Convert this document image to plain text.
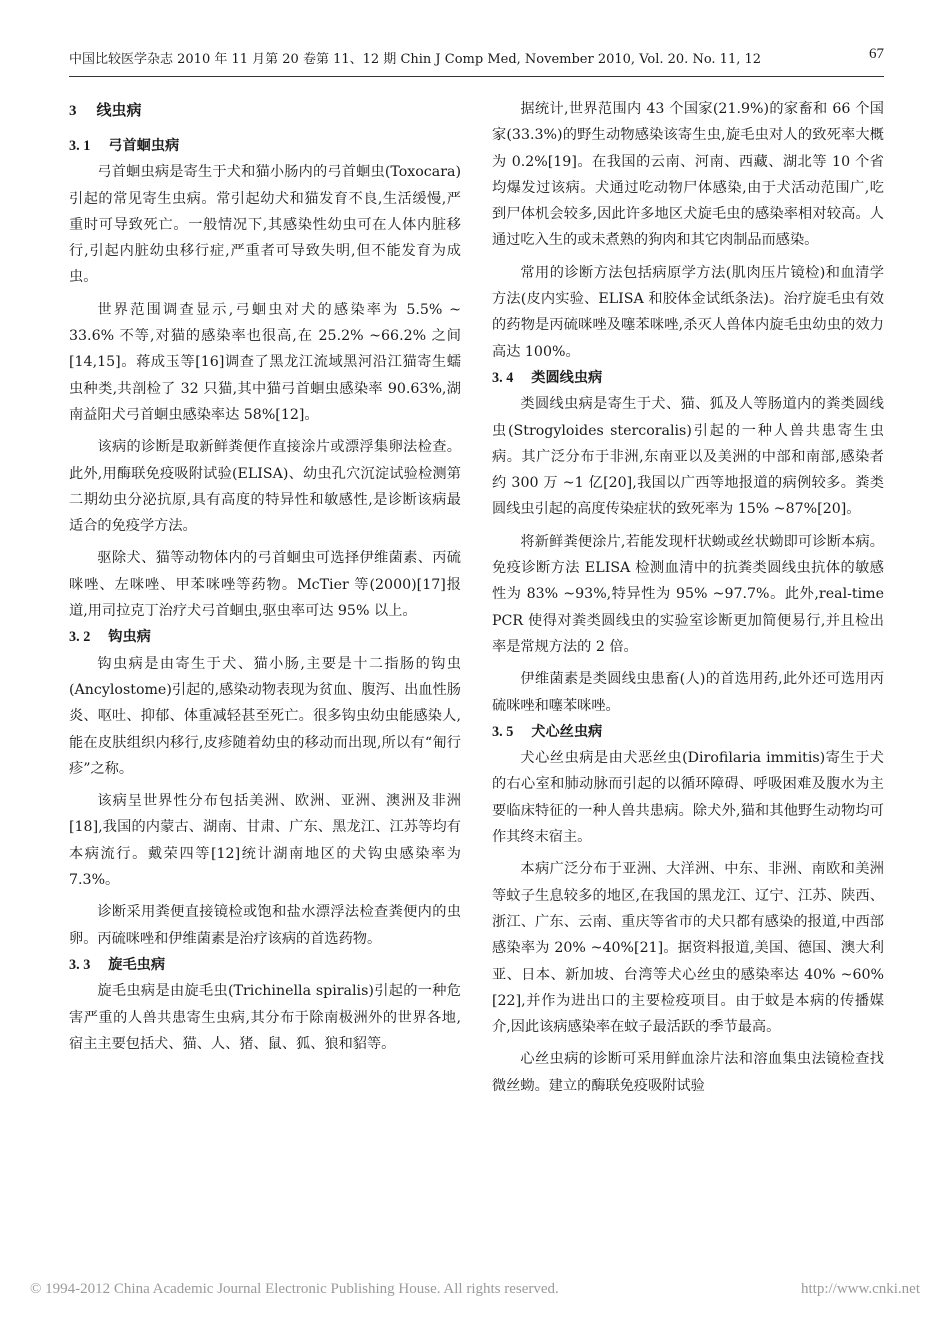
中国比较医学杂志 2010 年 11 月第 20 卷第 11、12 期 Chin J Comp Med, November 2010, Vol. 20. No. 11, 12	67
3 线虫病
3. 1 弓首蛔虫病

弓首蛔虫病是寄生于犬和猫小肠内的弓首蛔虫(Toxocara)引起的常见寄生虫病。常引起幼犬和猫发育不良,生活缓慢,严重时可导致死亡。一般情况下,其感染性幼虫可在人体内脏移行,引起内脏幼虫移行症,严重者可导致失明,但不能发育为成虫。

世界范围调查显示,弓蛔虫对犬的感染率为 5.5% ~ 33.6% 不等,对猫的感染率也很高,在 25.2% ~66.2% 之间[14,15]。蒋成玉等[16]调查了黑龙江流域黑河沿江猫寄生蠕虫种类,共剖检了 32 只猫,其中猫弓首蛔虫感染率 90.63%,湖南益阳犬弓首蛔虫感染率达 58%[12]。

该病的诊断是取新鲜粪便作直接涂片或漂浮集卵法检查。此外,用酶联免疫吸附试验(ELISA)、幼虫孔穴沉淀试验检测第二期幼虫分泌抗原,具有高度的特异性和敏感性,是诊断该病最适合的免疫学方法。

驱除犬、猫等动物体内的弓首蛔虫可选择伊维菌素、丙硫咪唑、左咪唑、甲苯咪唑等药物。McTier 等(2000)[17]报道,用司拉克丁治疗犬弓首蛔虫,驱虫率可达 95% 以上。

3. 2 钩虫病

钩虫病是由寄生于犬、猫小肠,主要是十二指肠的钩虫(Ancylostome)引起的,感染动物表现为贫血、腹泻、出血性肠炎、呕吐、抑郁、体重减轻甚至死亡。很多钩虫幼虫能感染人,能在皮肤组织内移行,皮疹随着幼虫的移动而出现,所以有“匍行疹”之称。

该病呈世界性分布包括美洲、欧洲、亚洲、澳洲及非洲[18],我国的内蒙古、湖南、甘肃、广东、黑龙江、江苏等均有本病流行。戴荣四等[12]统计湖南地区的犬钩虫感染率为 7.3%。

诊断采用粪便直接镜检或饱和盐水漂浮法检查粪便内的虫卵。丙硫咪唑和伊维菌素是治疗该病的首选药物。

3. 3 旋毛虫病

旋毛虫病是由旋毛虫(Trichinella spiralis)引起的一种危害严重的人兽共患寄生虫病,其分布于除南极洲外的世界各地,宿主主要包括犬、猫、人、猪、鼠、狐、狼和貂等。

据统计,世界范围内 43 个国家(21.9%)的家畜和 66 个国家(33.3%)的野生动物感染该寄生虫,旋毛虫对人的致死率大概为 0.2%[19]。在我国的云南、河南、西藏、湖北等 10 个省均爆发过该病。犬通过吃动物尸体感染,由于犬活动范围广,吃到尸体机会较多,因此许多地区犬旋毛虫的感染率相对较高。人通过吃入生的或未煮熟的狗肉和其它肉制品而感染。

常用的诊断方法包括病原学方法(肌肉压片镜检)和血清学方法(皮内实验、ELISA 和胶体金试纸条法)。治疗旋毛虫有效的药物是丙硫咪唑及噻苯咪唑,杀灭人兽体内旋毛虫幼虫的效力高达 100%。

3. 4 类圆线虫病

类圆线虫病是寄生于犬、猫、狐及人等肠道内的粪类圆线虫(Strogyloides stercoralis)引起的一种人兽共患寄生虫病。其广泛分布于非洲,东南亚以及美洲的中部和南部,感染者约 300 万 ~1 亿[20],我国以广西等地报道的病例较多。粪类圆线虫引起的高度传染症状的致死率为 15% ~87%[20]。

将新鲜粪便涂片,若能发现杆状蚴或丝状蚴即可诊断本病。免疫诊断方法 ELISA 检测血清中的抗粪类圆线虫抗体的敏感性为 83% ~93%,特异性为 95% ~97.7%。此外,real-time PCR 使得对粪类圆线虫的实验室诊断更加简便易行,并且检出率是常规方法的 2 倍。

伊维菌素是类圆线虫患畜(人)的首选用药,此外还可选用丙硫咪唑和噻苯咪唑。

3. 5 犬心丝虫病

犬心丝虫病是由犬恶丝虫(Dirofilaria immitis)寄生于犬的右心室和肺动脉而引起的以循环障碍、呼吸困难及腹水为主要临床特征的一种人兽共患病。除犬外,猫和其他野生动物均可作其终末宿主。

本病广泛分布于亚洲、大洋洲、中东、非洲、南欧和美洲等蚊子生息较多的地区,在我国的黑龙江、辽宁、江苏、陕西、浙江、广东、云南、重庆等省市的犬只都有感染的报道,中西部感染率为 20% ~40%[21]。据资料报道,美国、德国、澳大利亚、日本、新加坡、台湾等犬心丝虫的感染率达 40% ~60%[22],并作为进出口的主要检疫项目。由于蚊是本病的传播媒介,因此该病感染率在蚊子最活跃的季节最高。

心丝虫病的诊断可采用鲜血涂片法和溶血集虫法镜检查找微丝蚴。建立的酶联免疫吸附试验

© 1994-2012 China Academic Journal Electronic Publishing House. All rights reserved.	http://www.cnki.net
